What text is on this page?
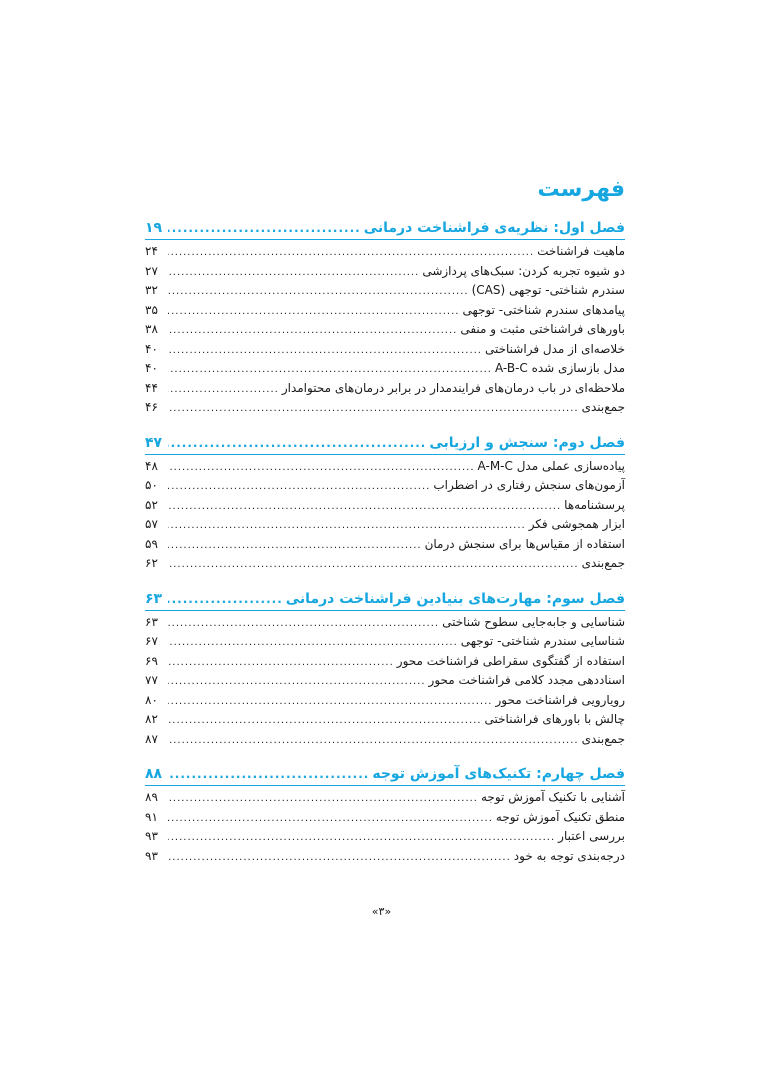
فهرست
فصل اول: نظریه‌ی فراشناخت درمانی
.....
۱۹
ماهیت فراشناخت
.....
۲۴
دو شیوه تجربه کردن: سبک‌های پردازشی
.....
۲۷
سندرم شناختی- توجهی (CAS)
.....
۳۲
پیامدهای سندرم شناختی- توجهی
.....
۳۵
باورهای فراشناختی مثبت و منفی
.....
۳۸
خلاصه‌ای از مدل فراشناختی
.....
۴۰
مدل بازسازی شده A-B-C
.....
۴۰
ملاحظه‌ای در باب درمان‌های فرایندمدار در برابر درمان‌های محتوامدار
.....
۴۴
جمع‌بندی
.....
۴۶
فصل دوم: سنجش و ارزیابی
.....
۴۷
پیاده‌سازی عملی مدل A-M-C
.....
۴۸
آزمون‌های سنجش رفتاری در اضطراب
.....
۵۰
پرسشنامه‌ها
.....
۵۲
ابزار همجوشی فکر
.....
۵۷
استفاده از مقیاس‌ها برای سنجش درمان
.....
۵۹
جمع‌بندی
.....
۶۲
فصل سوم: مهارت‌های بنیادین فراشناخت درمانی
.....
۶۳
شناسایی و جابه‌جایی سطوح شناختی
.....
۶۳
شناسایی سندرم شناختی- توجهی
.....
۶۷
استفاده از گفتگوی سقراطی فراشناخت محور
.....
۶۹
اسناددهی مجدد کلامی فراشناخت محور
.....
۷۷
رویارویی فراشناخت محور
.....
۸۰
چالش با باورهای فراشناختی
.....
۸۲
جمع‌بندی
.....
۸۷
فصل چهارم: تکنیک‌های آموزش توجه
.....
۸۸
آشنایی با تکنیک آموزش توجه
.....
۸۹
منطق تکنیک آموزش توجه
.....
۹۱
بررسی اعتبار
.....
۹۳
درجه‌بندی توجه به خود
.....
۹۳
«۳»
